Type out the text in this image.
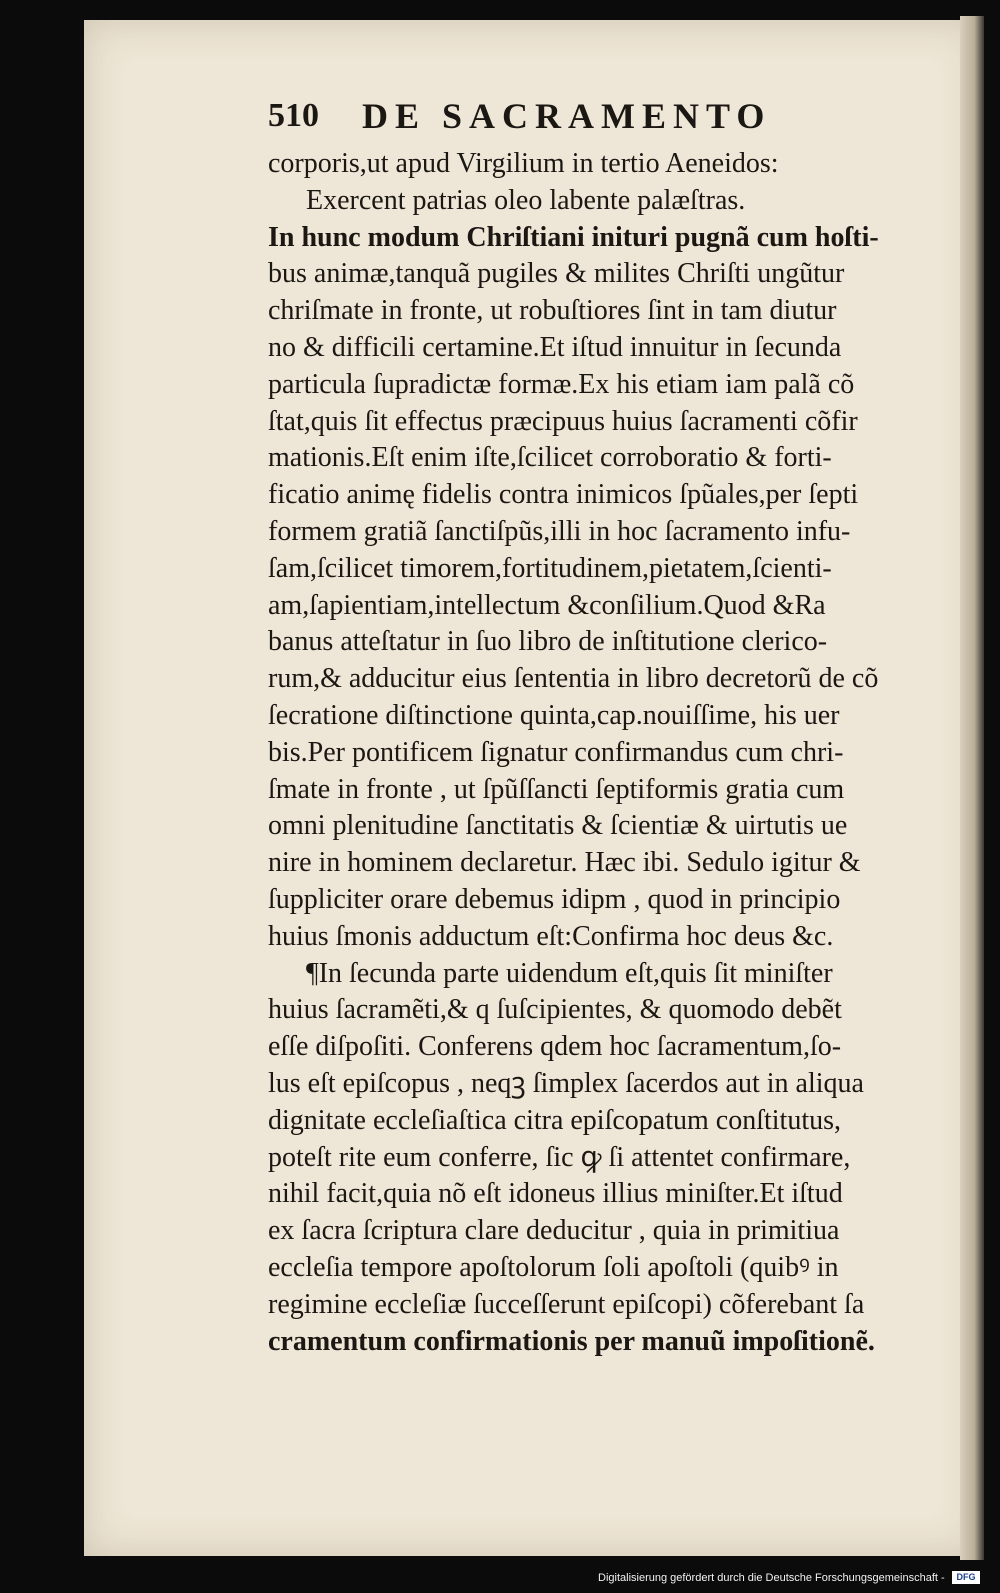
510	DE SACRAMENTO
corporis,ut apud Virgilium in tertio Aeneidos:
Exercent patrias oleo labente palæſtras.
In hunc modum Chriſtiani inituri pugnã cum hoſti-
bus animæ,tanquã pugiles & milites Chriſti ungũtur
chriſmate in fronte, ut robuſtiores ſint in tam diutur
no & difficili certamine.Et iſtud innuitur in ſecunda
particula ſupradictæ formæ.Ex his etiam iam palã cõ
ſtat,quis ſit effectus præcipuus huius ſacramenti cõfir
mationis.Eſt enim iſte,ſcilicet corroboratio & forti-
ficatio animę fidelis contra inimicos ſpũales,per ſepti
formem gratiã ſanctiſpũs,illi in hoc ſacramento infu-
ſam,ſcilicet timorem,fortitudinem,pietatem,ſcienti-
am,ſapientiam,intellectum &conſilium.Quod &Ra
banus atteſtatur in ſuo libro de inſtitutione clerico-
rum,& adducitur eius ſententia in libro decretorũ de cõ
ſecratione diſtinctione quinta,cap.nouiſſime, his uer
bis.Per pontificem ſignatur confirmandus cum chri-
ſmate in fronte , ut ſpũſſancti ſeptiformis gratia cum
omni plenitudine ſanctitatis & ſcientiæ & uirtutis ue
nire in hominem declaretur. Hæc ibi. Sedulo igitur &
ſuppliciter orare debemus idipm , quod in principio
huius ſmonis adductum eſt:Confirma hoc deus &c.
¶In ſecunda parte uidendum eſt,quis ſit miniſter
huius ſacramẽti,& q ſuſcipientes, & quomodo debẽt
eſſe diſpoſiti. Conferens qdem hoc ſacramentum,ſo-
lus eſt epiſcopus , neqꝫ ſimplex ſacerdos aut in aliqua
dignitate eccleſiaſtica citra epiſcopatum conſtitutus,
poteſt rite eum conferre, ſic ꝙ ſi attentet confirmare,
nihil facit,quia nõ eſt idoneus illius miniſter.Et iſtud
ex ſacra ſcriptura clare deducitur , quia in primitiua
eccleſia tempore apoſtolorum ſoli apoſtoli (quibꝰ in
regimine eccleſiæ ſucceſſerunt epiſcopi) cõferebant ſa
cramentum confirmationis per manuũ impoſitionẽ.
Digitalisierung gefördert durch die Deutsche Forschungsgemeinschaft -	DFG
